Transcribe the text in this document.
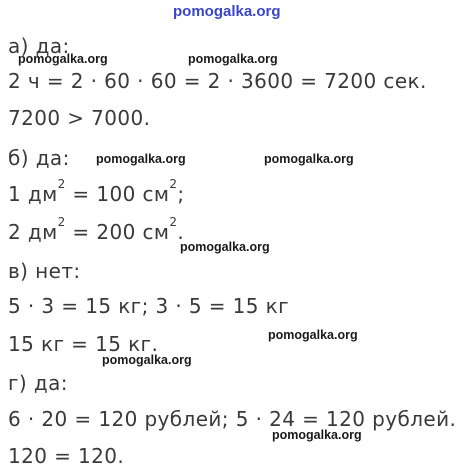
pomogalka.org
а) да:
pomogalka.org	pomogalka.org
2 ч = 2 · 60 · 60 = 2 · 3600 = 7200 сек.
7200 > 7000.
б) да: pomogalka.org	pomogalka.org
1 $дм^2 = 100$ $см^2$;
2 $дм^2 = 200$ $см^2$.
pomogalka.org
в) нет:
5 · 3 = 15 кг; 3 · 5 = 15 кг
pomogalka.org
15 кг = 15 кг.
pomogalka.org
г) да:
6 · 20 = 120 рублей; 5 · 24 = 120 рублей.
pomogalka.org
120 = 120.
